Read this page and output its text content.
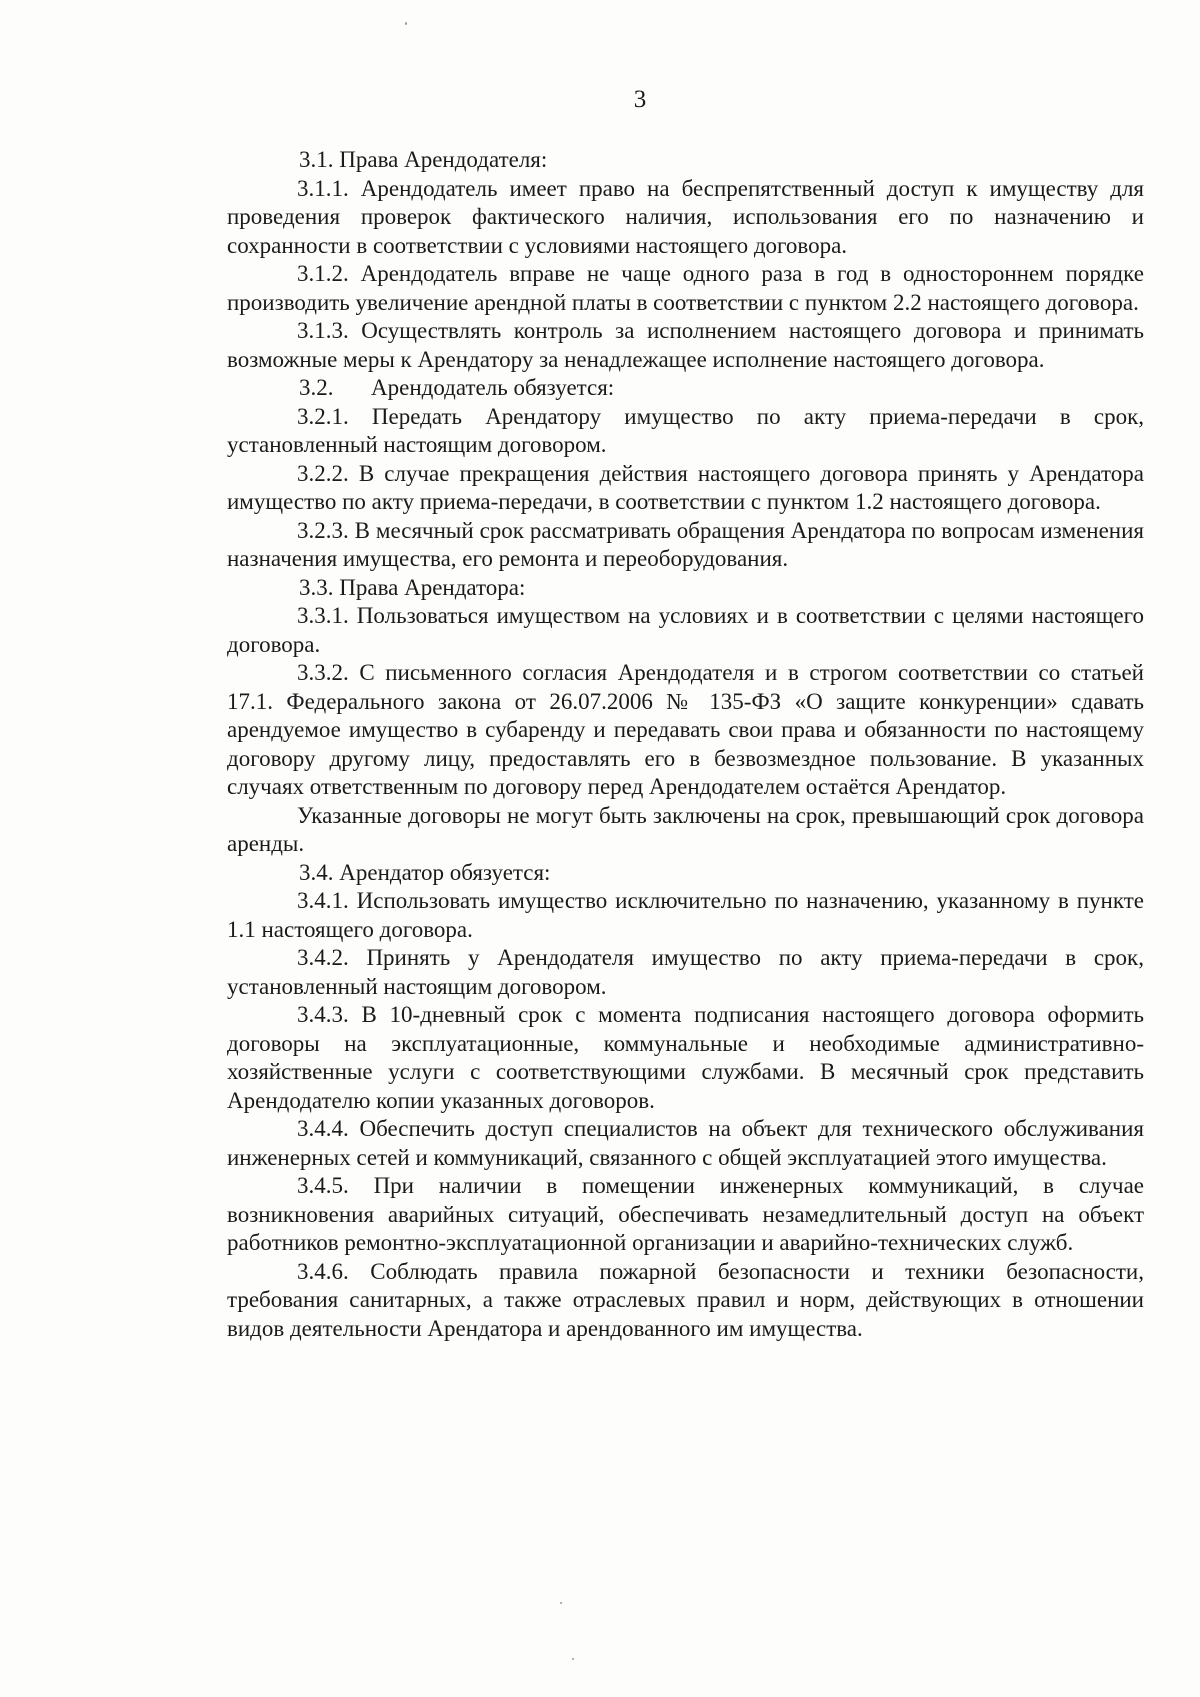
3

3.1. Права Арендодателя:

3.1.1. Арендодатель имеет право на беспрепятственный доступ к имуществу для проведения проверок фактического наличия, использования его по назначению и сохранности в соответствии с условиями настоящего договора.

3.1.2. Арендодатель вправе не чаще одного раза в год в одностороннем порядке производить увеличение арендной платы в соответствии с пунктом 2.2 настоящего договора.

3.1.3. Осуществлять контроль за исполнением настоящего договора и принимать возможные меры к Арендатору за ненадлежащее исполнение настоящего договора.

3.2. Арендодатель обязуется:

3.2.1. Передать Арендатору имущество по акту приема-передачи в срок, установленный настоящим договором.

3.2.2. В случае прекращения действия настоящего договора принять у Арендатора имущество по акту приема-передачи, в соответствии с пунктом 1.2 настоящего договора.

3.2.3. В месячный срок рассматривать обращения Арендатора по вопросам изменения назначения имущества, его ремонта и переоборудования.

3.3. Права Арендатора:

3.3.1. Пользоваться имуществом на условиях и в соответствии с целями настоящего договора.

3.3.2. С письменного согласия Арендодателя и в строгом соответствии со статьей 17.1. Федерального закона от 26.07.2006 № 135-ФЗ «О защите конкуренции» сдавать арендуемое имущество в субаренду и передавать свои права и обязанности по настоящему договору другому лицу, предоставлять его в безвозмездное пользование. В указанных случаях ответственным по договору перед Арендодателем остаётся Арендатор.

Указанные договоры не могут быть заключены на срок, превышающий срок договора аренды.

3.4. Арендатор обязуется:

3.4.1. Использовать имущество исключительно по назначению, указанному в пункте 1.1 настоящего договора.

3.4.2. Принять у Арендодателя имущество по акту приема-передачи в срок, установленный настоящим договором.

3.4.3. В 10-дневный срок с момента подписания настоящего договора оформить договоры на эксплуатационные, коммунальные и необходимые административно-хозяйственные услуги с соответствующими службами. В месячный срок представить Арендодателю копии указанных договоров.

3.4.4. Обеспечить доступ специалистов на объект для технического обслуживания инженерных сетей и коммуникаций, связанного с общей эксплуатацией этого имущества.

3.4.5. При наличии в помещении инженерных коммуникаций, в случае возникновения аварийных ситуаций, обеспечивать незамедлительный доступ на объект работников ремонтно-эксплуатационной организации и аварийно-технических служб.

3.4.6. Соблюдать правила пожарной безопасности и техники безопасности, требования санитарных, а также отраслевых правил и норм, действующих в отношении видов деятельности Арендатора и арендованного им имущества.
